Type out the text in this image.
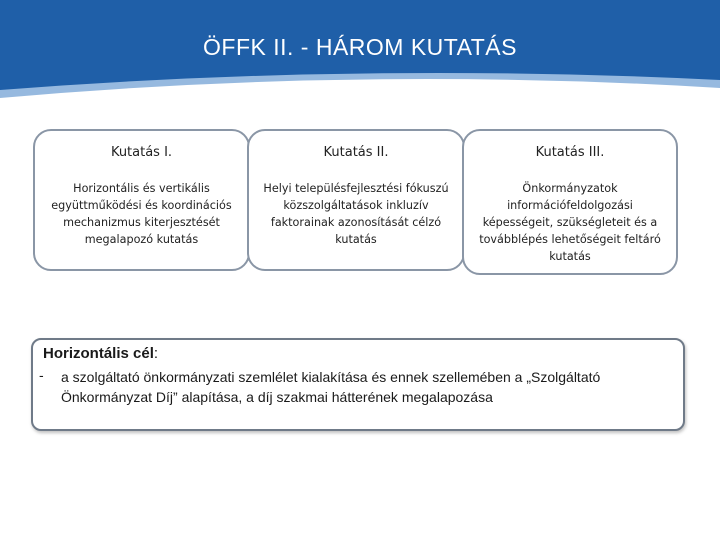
ÖFFK II. - HÁROM KUTATÁS
Kutatás I.
Horizontális és vertikális
együttműködési és koordinációs
mechanizmus kiterjesztését
megalapozó kutatás
Kutatás II.
Helyi településfejlesztési fókuszú
közszolgáltatások inkluzív
faktorainak azonosítását célzó
kutatás
Kutatás III.
Önkormányzatok
információfeldolgozási
képességeit, szükségleteit és a
továbblépés lehetőségeit feltáró
kutatás
Horizontális cél:
- a szolgáltató önkormányzati szemlélet kialakítása és ennek szellemében a „Szolgáltató Önkormányzat Díj” alapítása, a díj szakmai hátterének megalapozása
